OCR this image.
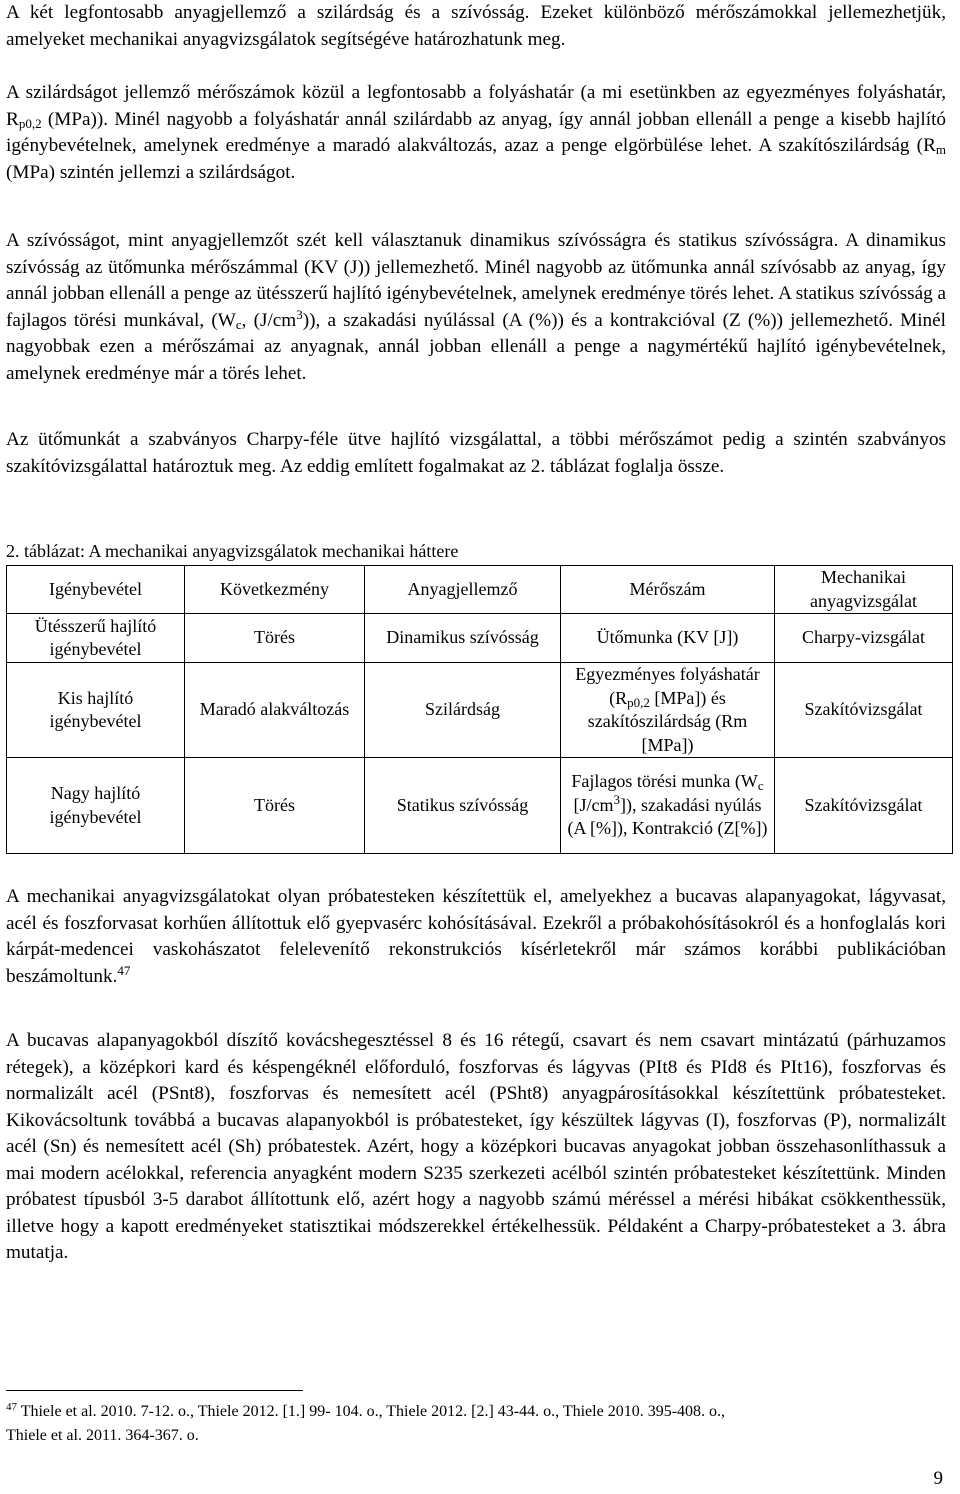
A két legfontosabb anyagjellemző a szilárdság és a szívósság. Ezeket különböző mérőszámokkal jellemezhetjük, amelyeket mechanikai anyagvizsgálatok segítségéve határozhatunk meg.

A szilárdságot jellemző mérőszámok közül a legfontosabb a folyáshatár (a mi esetünkben az egyezményes folyáshatár, $R_{p0,2}$ (MPa)). Minél nagyobb a folyáshatár annál szilárdabb az anyag, így annál jobban ellenáll a penge a kisebb hajlító igénybevételnek, amelynek eredménye a maradó alakváltozás, azaz a penge elgörbülése lehet. A szakítószilárdság ($R_m$ (MPa) szintén jellemzi a szilárdságot.

A szívósságot, mint anyagjellemzőt szét kell választanuk dinamikus szívósságra és statikus szívósságra. A dinamikus szívósság az ütőmunka mérőszámmal (KV (J)) jellemezhető. Minél nagyobb az ütőmunka annál szívósabb az anyag, így annál jobban ellenáll a penge az ütésszerű hajlító igénybevételnek, amelynek eredménye törés lehet. A statikus szívósság a fajlagos törési munkával, ($W_c$, $(J/cm^3)$), a szakadási nyúlással (A (%)) és a kontrakcióval (Z (%)) jellemezhető. Minél nagyobbak ezen a mérőszámai az anyagnak, annál jobban ellenáll a penge a nagymértékű hajlító igénybevételnek, amelynek eredménye már a törés lehet.

Az ütőmunkát a szabványos Charpy-féle ütve hajlító vizsgálattal, a többi mérőszámot pedig a szintén szabványos szakítóvizsgálattal határoztuk meg. Az eddig említett fogalmakat az 2. táblázat foglalja össze.

2. táblázat: A mechanikai anyagvizsgálatok mechanikai háttere

Igénybevétel	Következmény	Anyagjellemző	Mérőszám	Mechanikai anyagvizsgálat
Ütésszerű hajlító igénybevétel	Törés	Dinamikus szívósság	Ütőmunka (KV [J])	Charpy-vizsgálat
Kis hajlító igénybevétel	Maradó alakváltozás	Szilárdság	Egyezményes folyáshatár ($R_{p0,2}$ [MPa]) és szakítószilárdság (Rm [MPa])	Szakítóvizsgálat
Nagy hajlító igénybevétel	Törés	Statikus szívósság	Fajlagos törési munka ($W_c$ $[J/cm^3]$), szakadási nyúlás (A [%]), Kontrakció (Z[%])	Szakítóvizsgálat

A mechanikai anyagvizsgálatokat olyan próbatesteken készítettük el, amelyekhez a bucavas alapanyagokat, lágyvasat, acél és foszforvasat korhűen állítottuk elő gyepvasérc kohósításával. Ezekről a próbakohósításokról és a honfoglalás kori kárpát-medencei vaskohászatot felelevenítő rekonstrukciós kísérletekről már számos korábbi publikációban beszámoltunk.$^{47}$

A bucavas alapanyagokból díszítő kovácshegesztéssel 8 és 16 rétegű, csavart és nem csavart mintázatú (párhuzamos rétegek), a középkori kard és késpengéknél előforduló, foszforvas és lágyvas (PIt8 és PId8 és PIt16), foszforvas és normalizált acél (PSnt8), foszforvas és nemesített acél (PSht8) anyagpárosításokkal készítettünk próbatesteket. Kikovácsoltunk továbbá a bucavas alapanyokból is próbatesteket, így készültek lágyvas (I), foszforvas (P), normalizált acél (Sn) és nemesített acél (Sh) próbatestek. Azért, hogy a középkori bucavas anyagokat jobban összehasonlíthassuk a mai modern acélokkal, referencia anyagként modern S235 szerkezeti acélból szintén próbatesteket készítettünk. Minden próbatest típusból 3-5 darabot állítottunk elő, azért hogy a nagyobb számú méréssel a mérési hibákat csökkenthessük, illetve hogy a kapott eredményeket statisztikai módszerekkel értékelhessük. Példaként a Charpy-próbatesteket a 3. ábra mutatja.

$^{47}$ Thiele et al. 2010. 7-12. o., Thiele 2012. [1.] 99- 104. o., Thiele 2012. [2.] 43-44. o., Thiele 2010. 395-408. o.,
Thiele et al. 2011. 364-367. o.

9
